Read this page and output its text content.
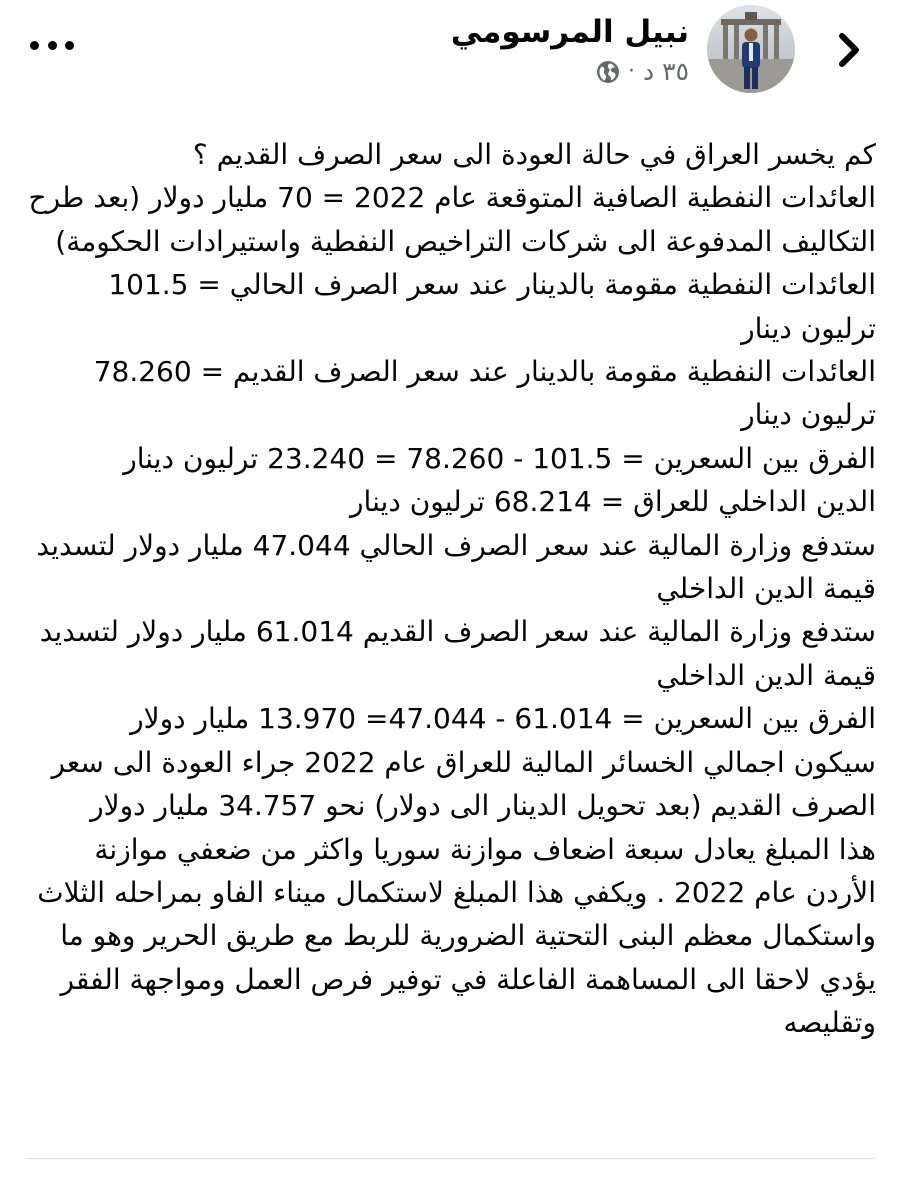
نبيل المرسومي
٣٥ د
·

كم يخسر العراق في حالة العودة الى سعر الصرف القديم ؟

العائدات النفطية الصافية المتوقعة عام 2022 = 70 مليار دولار (بعد طرح التكاليف المدفوعة الى شركات التراخيص النفطية واستيرادات الحكومة)

العائدات النفطية مقومة بالدينار عند سعر الصرف الحالي = 101.5 ترليون دينار

العائدات النفطية مقومة بالدينار عند سعر الصرف القديم = 78.260 ترليون دينار

الفرق بين السعرين = 101.5 - 78.260 = 23.240 ترليون دينار

الدين الداخلي للعراق = 68.214 ترليون دينار

ستدفع وزارة المالية عند سعر الصرف الحالي 47.044 مليار دولار لتسديد قيمة الدين الداخلي

ستدفع وزارة المالية عند سعر الصرف القديم 61.014 مليار دولار لتسديد قيمة الدين الداخلي

الفرق بين السعرين = 61.014 - 47.044= 13.970 مليار دولار

سيكون اجمالي الخسائر المالية للعراق عام 2022 جراء العودة الى سعر الصرف القديم (بعد تحويل الدينار الى دولار) نحو 34.757 مليار دولار

هذا المبلغ يعادل سبعة اضعاف موازنة سوريا واكثر من ضعفي موازنة الأردن عام 2022 . ويكفي هذا المبلغ لاستكمال ميناء الفاو بمراحله الثلاث واستكمال معظم البنى التحتية الضرورية للربط مع طريق الحرير وهو ما يؤدي لاحقا الى المساهمة الفاعلة في توفير فرص العمل ومواجهة الفقر وتقليصه
